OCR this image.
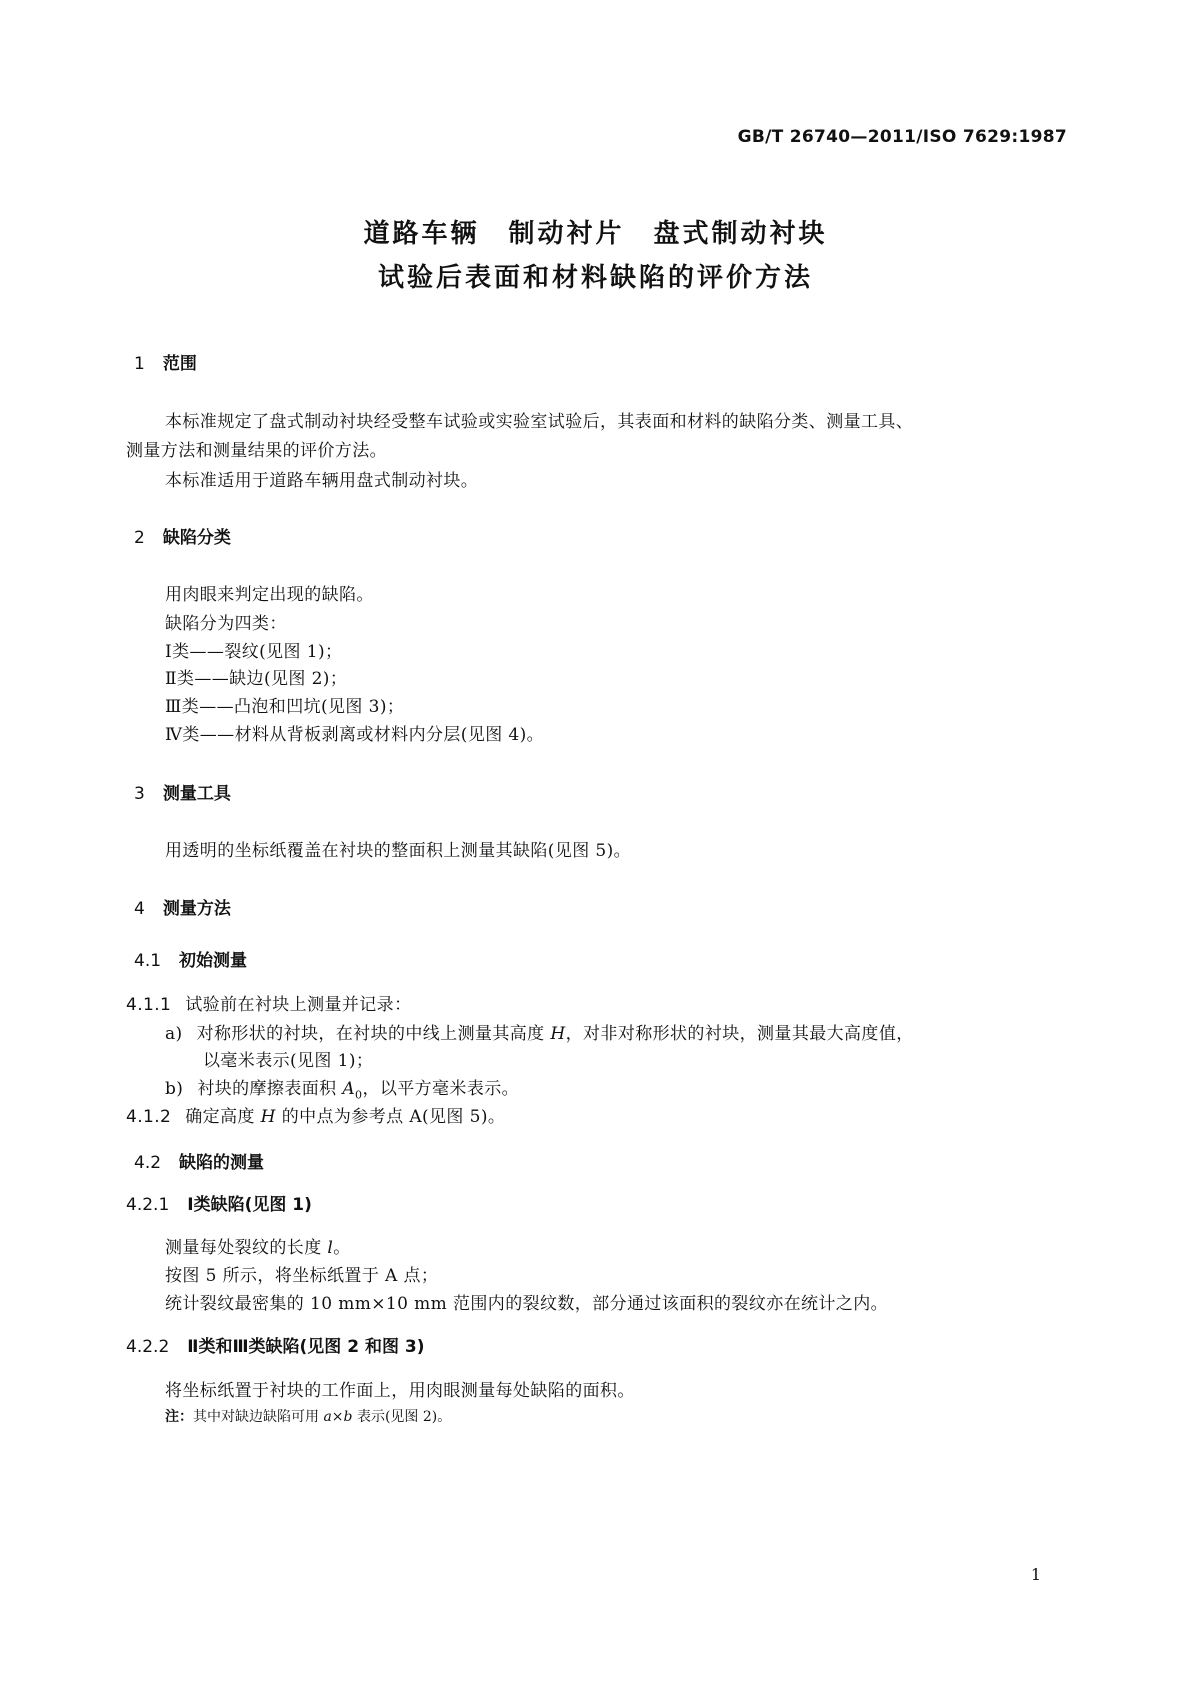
GB/T 26740—2011/ISO 7629:1987
道路车辆　制动衬片　盘式制动衬块
试验后表面和材料缺陷的评价方法
1 范围
本标准规定了盘式制动衬块经受整车试验或实验室试验后，其表面和材料的缺陷分类、测量工具、
测量方法和测量结果的评价方法。
本标准适用于道路车辆用盘式制动衬块。
2 缺陷分类
用肉眼来判定出现的缺陷。
缺陷分为四类：
Ⅰ类——裂纹(见图 1)；
Ⅱ类——缺边(见图 2)；
Ⅲ类——凸泡和凹坑(见图 3)；
Ⅳ类——材料从背板剥离或材料内分层(见图 4)。
3 测量工具
用透明的坐标纸覆盖在衬块的整面积上测量其缺陷(见图 5)。
4 测量方法
4.1 初始测量
4.1.1 试验前在衬块上测量并记录：
a) 对称形状的衬块，在衬块的中线上测量其高度 H，对非对称形状的衬块，测量其最大高度值，
以毫米表示(见图 1)；
b) 衬块的摩擦表面积 $A_0$，以平方毫米表示。
4.1.2 确定高度 H 的中点为参考点 A(见图 5)。
4.2 缺陷的测量
4.2.1 Ⅰ类缺陷(见图 1)
测量每处裂纹的长度 l。
按图 5 所示，将坐标纸置于 A 点；
统计裂纹最密集的 10 mm×10 mm 范围内的裂纹数，部分通过该面积的裂纹亦在统计之内。
4.2.2 Ⅱ类和Ⅲ类缺陷(见图 2 和图 3)
将坐标纸置于衬块的工作面上，用肉眼测量每处缺陷的面积。
注：其中对缺边缺陷可用 a×b 表示(见图 2)。
1
